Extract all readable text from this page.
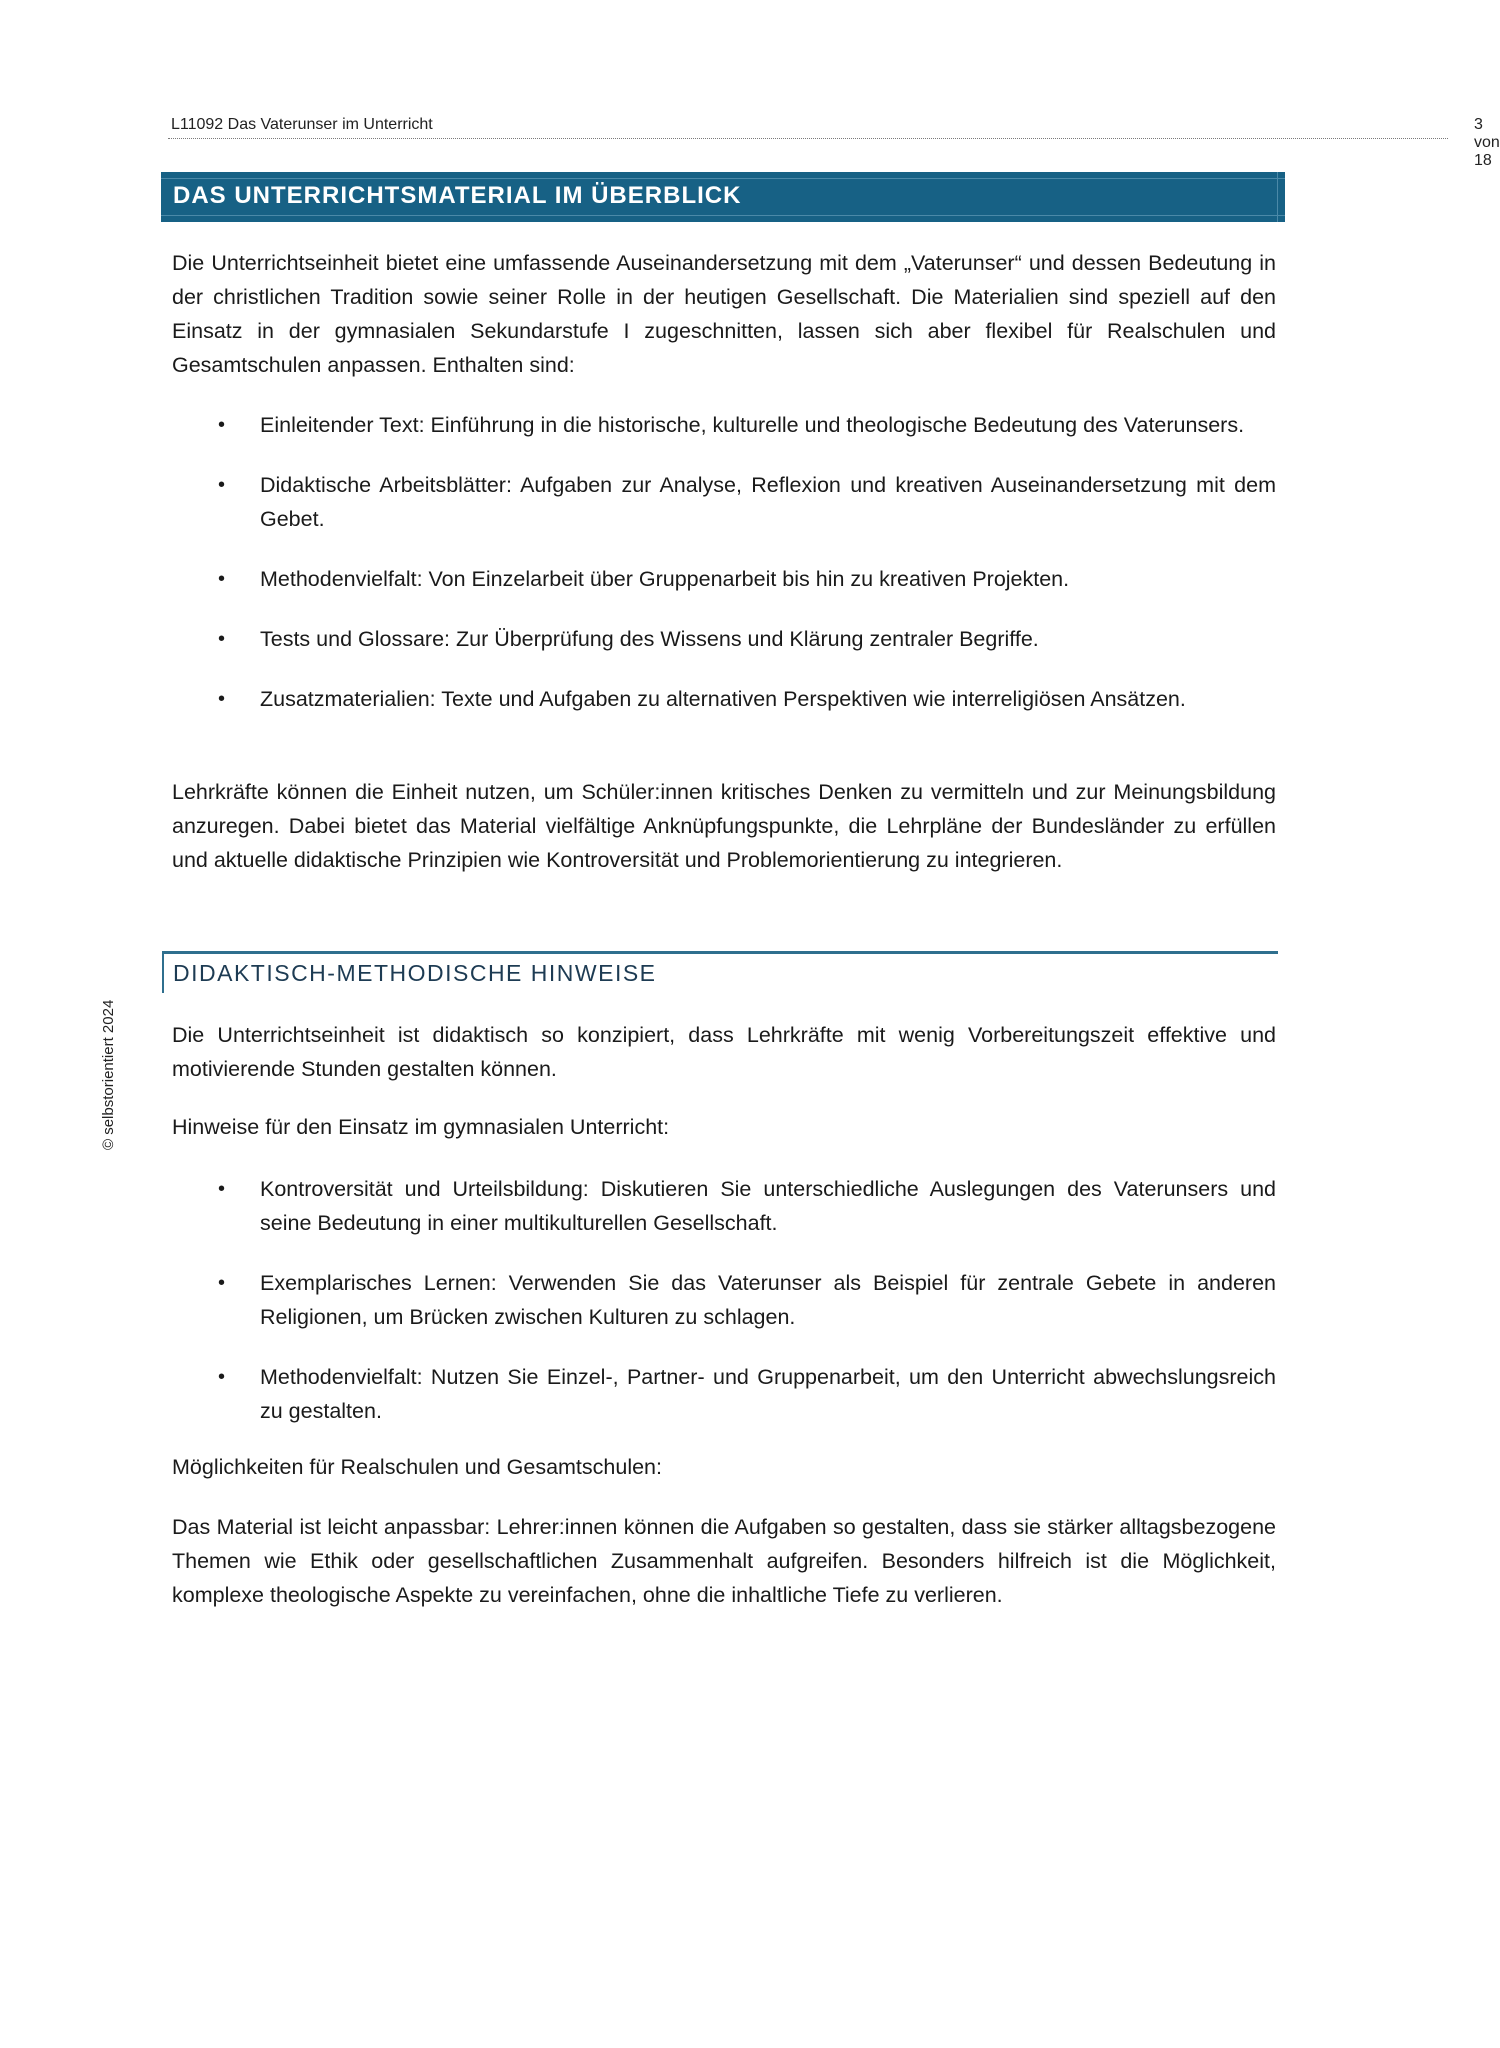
L11092 Das Vaterunser im Unterricht	3 von 18
© selbstorientiert 2024
DAS UNTERRICHTSMATERIAL IM ÜBERBLICK

Die Unterrichtseinheit bietet eine umfassende Auseinandersetzung mit dem „Vaterunser“ und dessen Bedeutung in der christlichen Tradition sowie seiner Rolle in der heutigen Gesellschaft. Die Materialien sind speziell auf den Einsatz in der gymnasialen Sekundarstufe I zugeschnitten, lassen sich aber flexibel für Realschulen und Gesamtschulen anpassen. Enthalten sind:

• Einleitender Text: Einführung in die historische, kulturelle und theologische Bedeutung des Vaterunsers.
• Didaktische Arbeitsblätter: Aufgaben zur Analyse, Reflexion und kreativen Auseinandersetzung mit dem Gebet.
• Methodenvielfalt: Von Einzelarbeit über Gruppenarbeit bis hin zu kreativen Projekten.
• Tests und Glossare: Zur Überprüfung des Wissens und Klärung zentraler Begriffe.
• Zusatzmaterialien: Texte und Aufgaben zu alternativen Perspektiven wie interreligiösen Ansätzen.

Lehrkräfte können die Einheit nutzen, um Schüler:innen kritisches Denken zu vermitteln und zur Meinungsbildung anzuregen. Dabei bietet das Material vielfältige Anknüpfungspunkte, die Lehrpläne der Bundesländer zu erfüllen und aktuelle didaktische Prinzipien wie Kontroversität und Problemorientierung zu integrieren.

DIDAKTISCH-METHODISCHE HINWEISE

Die Unterrichtseinheit ist didaktisch so konzipiert, dass Lehrkräfte mit wenig Vorbereitungszeit effektive und motivierende Stunden gestalten können.

Hinweise für den Einsatz im gymnasialen Unterricht:

• Kontroversität und Urteilsbildung: Diskutieren Sie unterschiedliche Auslegungen des Vaterunsers und seine Bedeutung in einer multikulturellen Gesellschaft.
• Exemplarisches Lernen: Verwenden Sie das Vaterunser als Beispiel für zentrale Gebete in anderen Religionen, um Brücken zwischen Kulturen zu schlagen.
• Methodenvielfalt: Nutzen Sie Einzel-, Partner- und Gruppenarbeit, um den Unterricht abwechslungsreich zu gestalten.

Möglichkeiten für Realschulen und Gesamtschulen:

Das Material ist leicht anpassbar: Lehrer:innen können die Aufgaben so gestalten, dass sie stärker alltagsbezogene Themen wie Ethik oder gesellschaftlichen Zusammenhalt aufgreifen. Besonders hilfreich ist die Möglichkeit, komplexe theologische Aspekte zu vereinfachen, ohne die inhaltliche Tiefe zu verlieren.
